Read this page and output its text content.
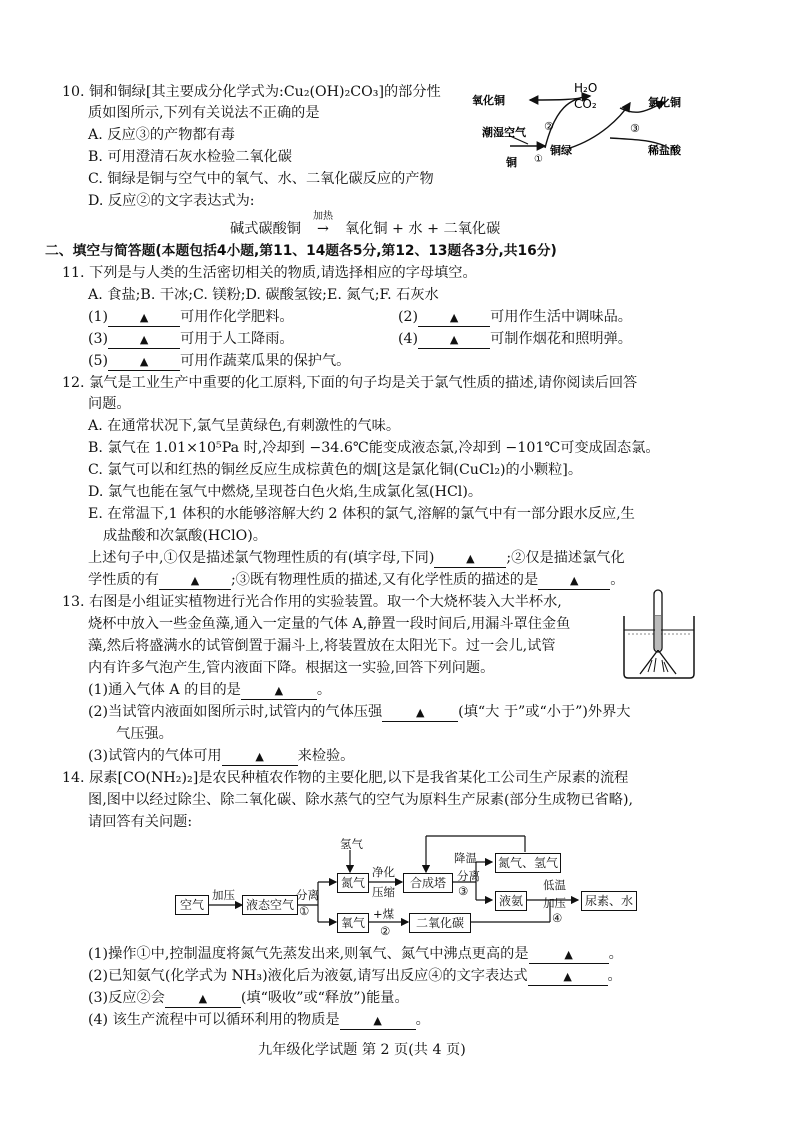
10. 铜和铜绿[其主要成分化学式为:Cu₂(OH)₂CO₃]的部分性
质如图所示,下列有关说法不正确的是
A. 反应③的产物都有毒
B. 可用澄清石灰水检验二氧化碳
C. 铜绿是铜与空气中的氧气、水、二氧化碳反应的产物
D. 反应②的文字表达式为:
碱式碳酸铜
加热
→ 氧化铜 + 水 + 二氧化碳
氧化铜
潮湿空气
铜
铜绿
H₂O
CO₂	氯化铜
稀盐酸
①
②	③
二、填空与简答题(本题包括4小题,第11、14题各5分,第12、13题各3分,共16分)
11. 下列是与人类的生活密切相关的物质,请选择相应的字母填空。
A. 食盐;B. 干冰;C. 镁粉;D. 碳酸氢铵;E. 氮气;F. 石灰水
(1)	▲ 可用作化学肥料。	(2)	▲ 可用作生活中调味品。
(3)	▲ 可用于人工降雨。	(4)	▲ 可制作烟花和照明弹。
(5)	▲ 可用作蔬菜瓜果的保护气。
12. 氯气是工业生产中重要的化工原料,下面的句子均是关于氯气性质的描述,请你阅读后回答
问题。
A. 在通常状况下,氯气呈黄绿色,有刺激性的气味。
B. 氯气在 1.01×10⁵Pa 时,冷却到 −34.6℃能变成液态氯,冷却到 −101℃可变成固态氯。
C. 氯气可以和红热的铜丝反应生成棕黄色的烟[这是氯化铜(CuCl₂)的小颗粒]。
D. 氯气也能在氢气中燃烧,呈现苍白色火焰,生成氯化氢(HCl)。
E. 在常温下,1 体积的水能够溶解大约 2 体积的氯气,溶解的氯气中有一部分跟水反应,生
成盐酸和次氯酸(HClO)。
上述句子中,①仅是描述氯气物理性质的有(填字母,下同)	▲ ;②仅是描述氯气化
学性质的有	▲ ;③既有物理性质的描述,又有化学性质的描述的是	▲ 。
13. 右图是小组证实植物进行光合作用的实验装置。取一个大烧杯装入大半杯水,
烧杯中放入一些金鱼藻,通入一定量的气体 A,静置一段时间后,用漏斗罩住金鱼
藻,然后将盛满水的试管倒置于漏斗上,将装置放在太阳光下。过一会儿,试管
内有许多气泡产生,管内液面下降。根据这一实验,回答下列问题。
(1)通入气体 A 的目的是	▲ 。
(2)当试管内液面如图所示时,试管内的气体压强	▲ (填“大 于”或“小于”)外界大
气压强。
(3)试管内的气体可用	▲ 来检验。
14. 尿素[CO(NH₂)₂]是农民种植农作物的主要化肥,以下是我省某化工公司生产尿素的流程
图,图中以经过除尘、除二氧化碳、除水蒸气的空气为原料生产尿素(部分生成物已省略),
请回答有关问题:
空气
加压
液态空气
分离
①
氢气
氮气
净化
压缩
合成塔
降温
分离
③
氮气、氢气
液氨
低温
加压
④
尿素、水
氧气
+煤
②
二氧化碳
(1)操作①中,控制温度将氮气先蒸发出来,则氧气、氮气中沸点更高的是	▲	。
(2)已知氨气(化学式为 NH₃)液化后为液氨,请写出反应④的文字表达式	▲	。
(3)反应②会	▲ (填“吸收”或“释放”)能量。
(4) 该生产流程中可以循环利用的物质是	▲ 。
九年级化学试题 第 2 页(共 4 页)
